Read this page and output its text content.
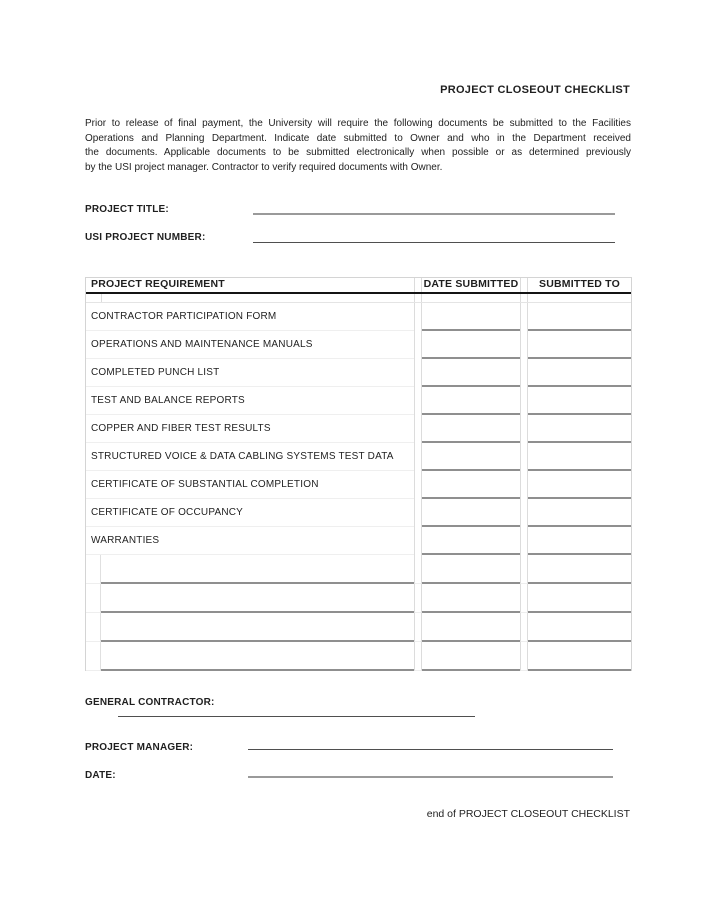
PROJECT CLOSEOUT CHECKLIST
Prior to release of final payment, the University will require the following documents be submitted to the Facilities
Operations and Planning Department. Indicate date submitted to Owner and who in the Department received
the documents. Applicable documents to be submitted electronically when possible or as determined previously
by the USI project manager. Contractor to verify required documents with Owner.
PROJECT TITLE:
USI PROJECT NUMBER:
PROJECT REQUIREMENT	DATE SUBMITTED	SUBMITTED TO
CONTRACTOR PARTICIPATION FORM
OPERATIONS AND MAINTENANCE MANUALS
COMPLETED PUNCH LIST
TEST AND BALANCE REPORTS
COPPER AND FIBER TEST RESULTS
STRUCTURED VOICE & DATA CABLING SYSTEMS TEST DATA
CERTIFICATE OF SUBSTANTIAL COMPLETION
CERTIFICATE OF OCCUPANCY
WARRANTIES
GENERAL CONTRACTOR:
PROJECT MANAGER:
DATE:
end of PROJECT CLOSEOUT CHECKLIST
